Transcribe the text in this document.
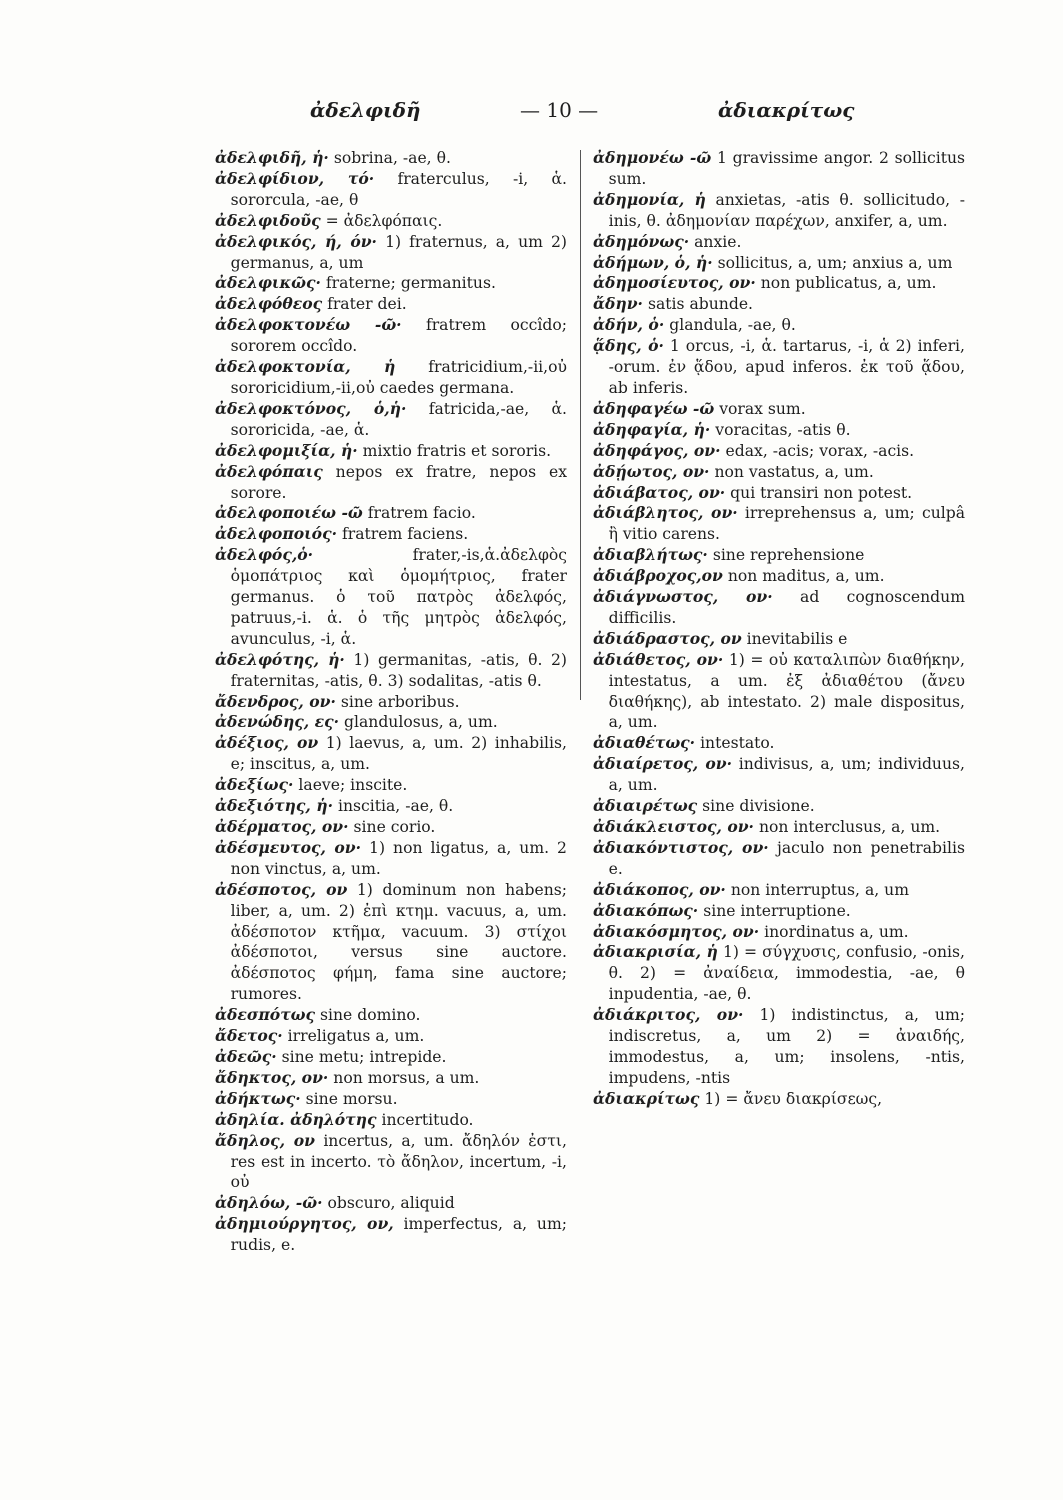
ἀδελφιδῆ	— 10 —	ἀδιακρίτως

ἀδελφιδῆ, ἡ· sobrina, -ae, θ.

ἀδελφίδιον, τό· fraterculus, -i, ἁ. sororcula, -ae, θ

ἀδελφιδοῦς = ἀδελφόπαις.

ἀδελφικός, ή, όν· 1) fraternus, a, um 2) germanus, a, um

ἀδελφικῶς· fraterne; germanitus.

ἀδελφόθεος frater dei.

ἀδελφοκτονέω -ῶ· fratrem occîdo; sororem occîdo.

ἀδελφοκτονία, ἡ fratricidium,-ii,οὐ sororicidium,-ii,οὐ caedes germana.

ἀδελφοκτόνος, ὁ,ἡ· fatricida,-ae, ἁ. sororicida, -ae, ἁ.

ἀδελφομιξία, ἡ· mixtio fratris et sororis.

ἀδελφόπαις nepos ex fratre, nepos ex sorore.

ἀδελφοποιέω -ῶ fratrem facio.

ἀδελφοποιός· fratrem faciens.

ἀδελφός,ὁ·	frater,-is,ἁ.ἀδελφὸς ὁμοπάτριος καὶ ὁμομήτριος, frater germanus. ὁ τοῦ πατρὸς ἀδελφός, patruus,-i. ἁ. ὁ τῆς μητρὸς ἀδελφός, avunculus, -i, ἁ.

ἀδελφότης, ἡ· 1) germanitas, -atis, θ. 2) fraternitas, -atis, θ. 3) sodalitas, -atis θ.

ἄδενδρος, ον· sine arboribus.

ἀδενώδης, ες· glandulosus, a, um.

ἀδέξιος, ον 1) laevus, a, um. 2) inhabilis, e; inscitus, a, um.

ἀδεξίως· laeve; inscite.

ἀδεξιότης, ἡ· inscitia, -ae, θ.

ἀδέρματος, ον· sine corio.

ἀδέσμευτος, ον· 1) non ligatus, a, um. 2 non vinctus, a, um.

ἀδέσποτος, ον 1) dominum non habens; liber, a, um. 2) ἐπὶ κτημ. vacuus, a, um. ἀδέσποτον κτῆμα, vacuum. 3) στίχοι ἀδέσποτοι, versus sine auctore. ἀδέσποτος φήμη, fama sine auctore; rumores.

ἀδεσπότως sine domino.

ἄδετος· irreligatus a, um.

ἀδεῶς· sine metu; intrepide.

ἄδηκτος, ον· non morsus, a um.

ἀδήκτως· sine morsu.

ἀδηλία. ἀδηλότης incertitudo.

ἄδηλος, ον incertus, a, um. ἄδηλόν ἐστι, res est in incerto. τὸ ἄδηλον, incertum, -i, οὐ

ἀδηλόω, -ῶ· obscuro, aliquid

ἀδημιούργητος, ον, imperfectus, a, um; rudis, e.

ἀδημονέω -ῶ 1 gravissime angor. 2 sollicitus sum.

ἀδημονία, ἡ anxietas, -atis θ. sollicitudo, -inis, θ. ἀδημονίαν παρέχων, anxifer, a, um.

ἀδημόνως· anxie.

ἀδήμων, ὁ, ἡ· sollicitus, a, um; anxius a, um

ἀδημοσίευτος, ον· non publicatus, a, um.

ἄδην· satis abunde.

ἀδήν, ὁ· glandula, -ae, θ.

ᾅδης, ὁ· 1 orcus, -i, ἁ. tartarus, -i, ἁ 2) inferi, -orum. ἐν ᾅδου, apud inferos. ἐκ τοῦ ᾅδου, ab inferis.

ἀδηφαγέω -ῶ vorax sum.

ἀδηφαγία, ἡ· voracitas, -atis θ.

ἀδηφάγος, ον· edax, -acis; vorax, -acis.

ἀδῄωτος, ον· non vastatus, a, um.

ἀδιάβατος, ον· qui transiri non potest.

ἀδιάβλητος, ον· irreprehensus a, um; culpâ ἢ vitio carens.

ἀδιαβλήτως· sine reprehensione

ἀδιάβροχος,ον non maditus, a, um.

ἀδιάγνωστος, ον· ad cognoscendum difficilis.

ἀδιάδραστος, ον inevitabilis e

ἀδιάθετος, ον· 1) = οὐ καταλιπὼν διαθήκην, intestatus, a um. ἐξ ἀδιαθέτου (ἄνευ διαθήκης), ab intestato. 2) male dispositus, a, um.

ἀδιαθέτως· intestato.

ἀδιαίρετος, ον· indivisus, a, um; individuus, a, um.

ἀδιαιρέτως sine divisione.

ἀδιάκλειστος, ον· non interclusus, a, um.

ἀδιακόντιστος, ον· jaculo non penetrabilis e.

ἀδιάκοπος, ον· non interruptus, a, um

ἀδιακόπως· sine interruptione.

ἀδιακόσμητος, ον· inordinatus a, um.

ἀδιακρισία, ἡ 1) = σύγχυσις, confusio, -onis, θ. 2) = ἀναίδεια, immodestia, -ae, θ inpudentia, -ae, θ.

ἀδιάκριτος, ον· 1) indistinctus, a, um; indiscretus, a, um 2) = ἀναιδής, immodestus, a, um; insolens, -ntis, impudens, -ntis

ἀδιακρίτως 1) = ἄνευ διακρίσεως,
